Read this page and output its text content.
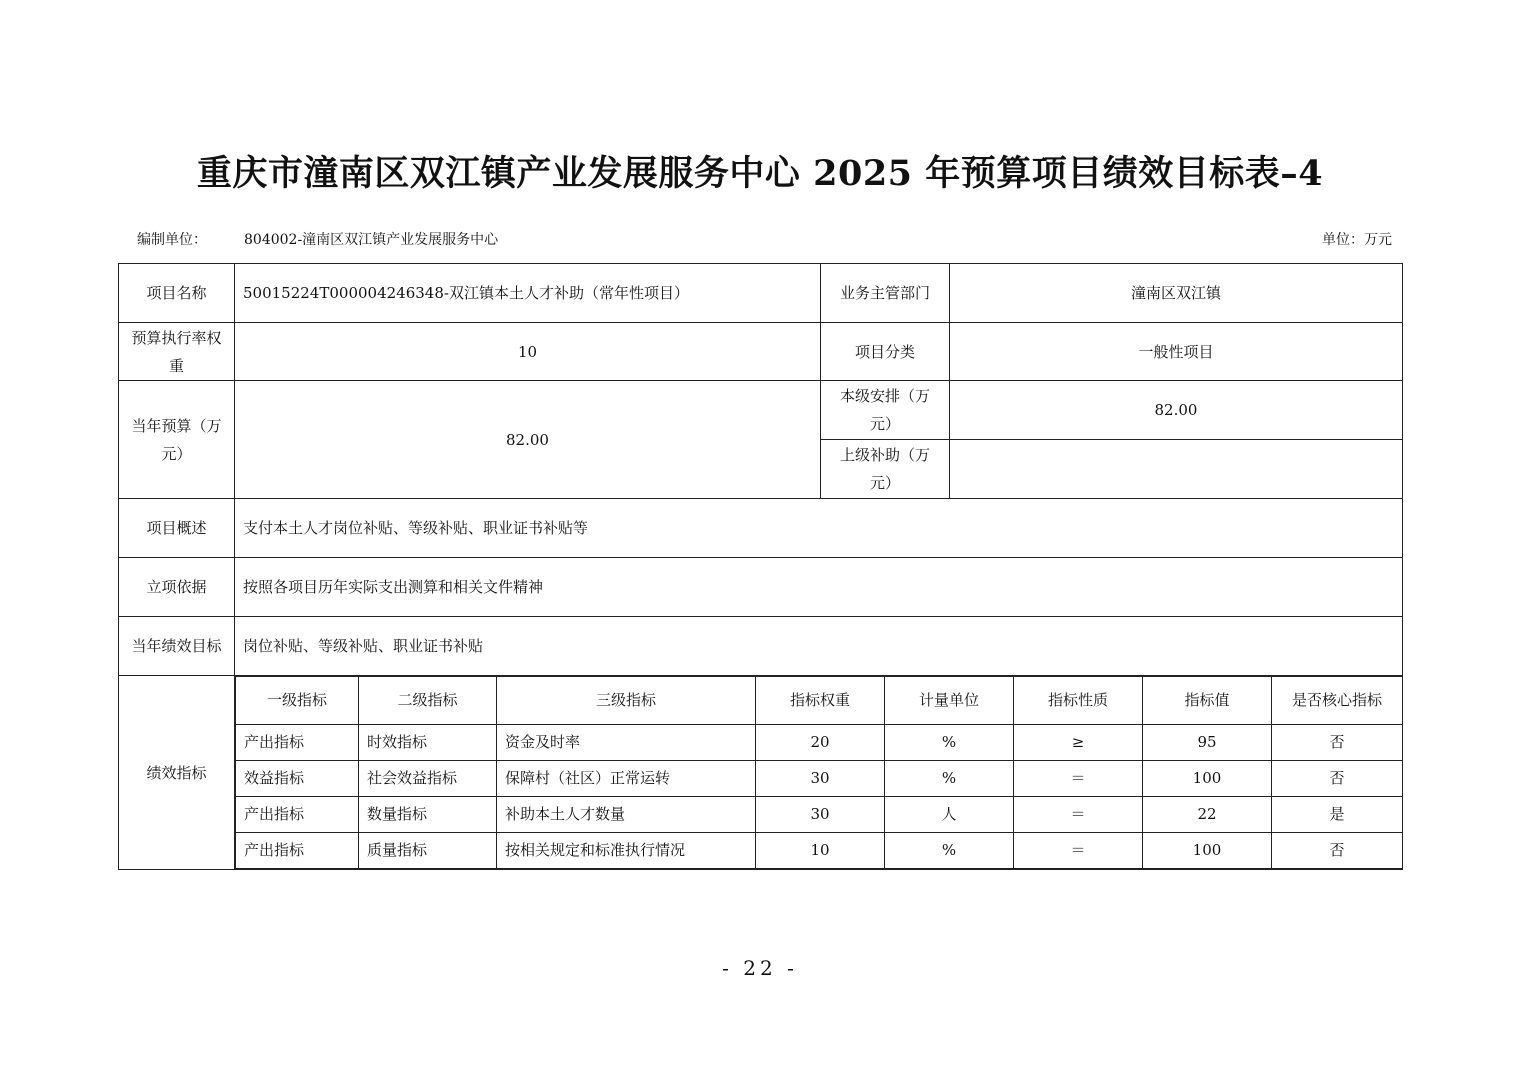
重庆市潼南区双江镇产业发展服务中心 2025 年预算项目绩效目标表–4
编制单位：	804002-潼南区双江镇产业发展服务中心	单位：万元
项目名称	50015224T000004246348-双江镇本土人才补助（常年性项目）	业务主管部门	潼南区双江镇
预算执行率权重	10	项目分类	一般性项目
当年预算（万元）	82.00	本级安排（万元）	82.00
上级补助（万元）	
项目概述	支付本土人才岗位补贴、等级补贴、职业证书补贴等
立项依据	按照各项目历年实际支出测算和相关文件精神
当年绩效目标	岗位补贴、等级补贴、职业证书补贴
绩效指标	
一级指标	二级指标	三级指标	指标权重	计量单位	指标性质	指标值	是否核心指标
产出指标	时效指标	资金及时率	20	%	≥	95	否
效益指标	社会效益指标	保障村（社区）正常运转	30	%	＝	100	否
产出指标	数量指标	补助本土人才数量	30	人	＝	22	是
产出指标	质量指标	按相关规定和标准执行情况	10	%	＝	100	否
- 22 -
